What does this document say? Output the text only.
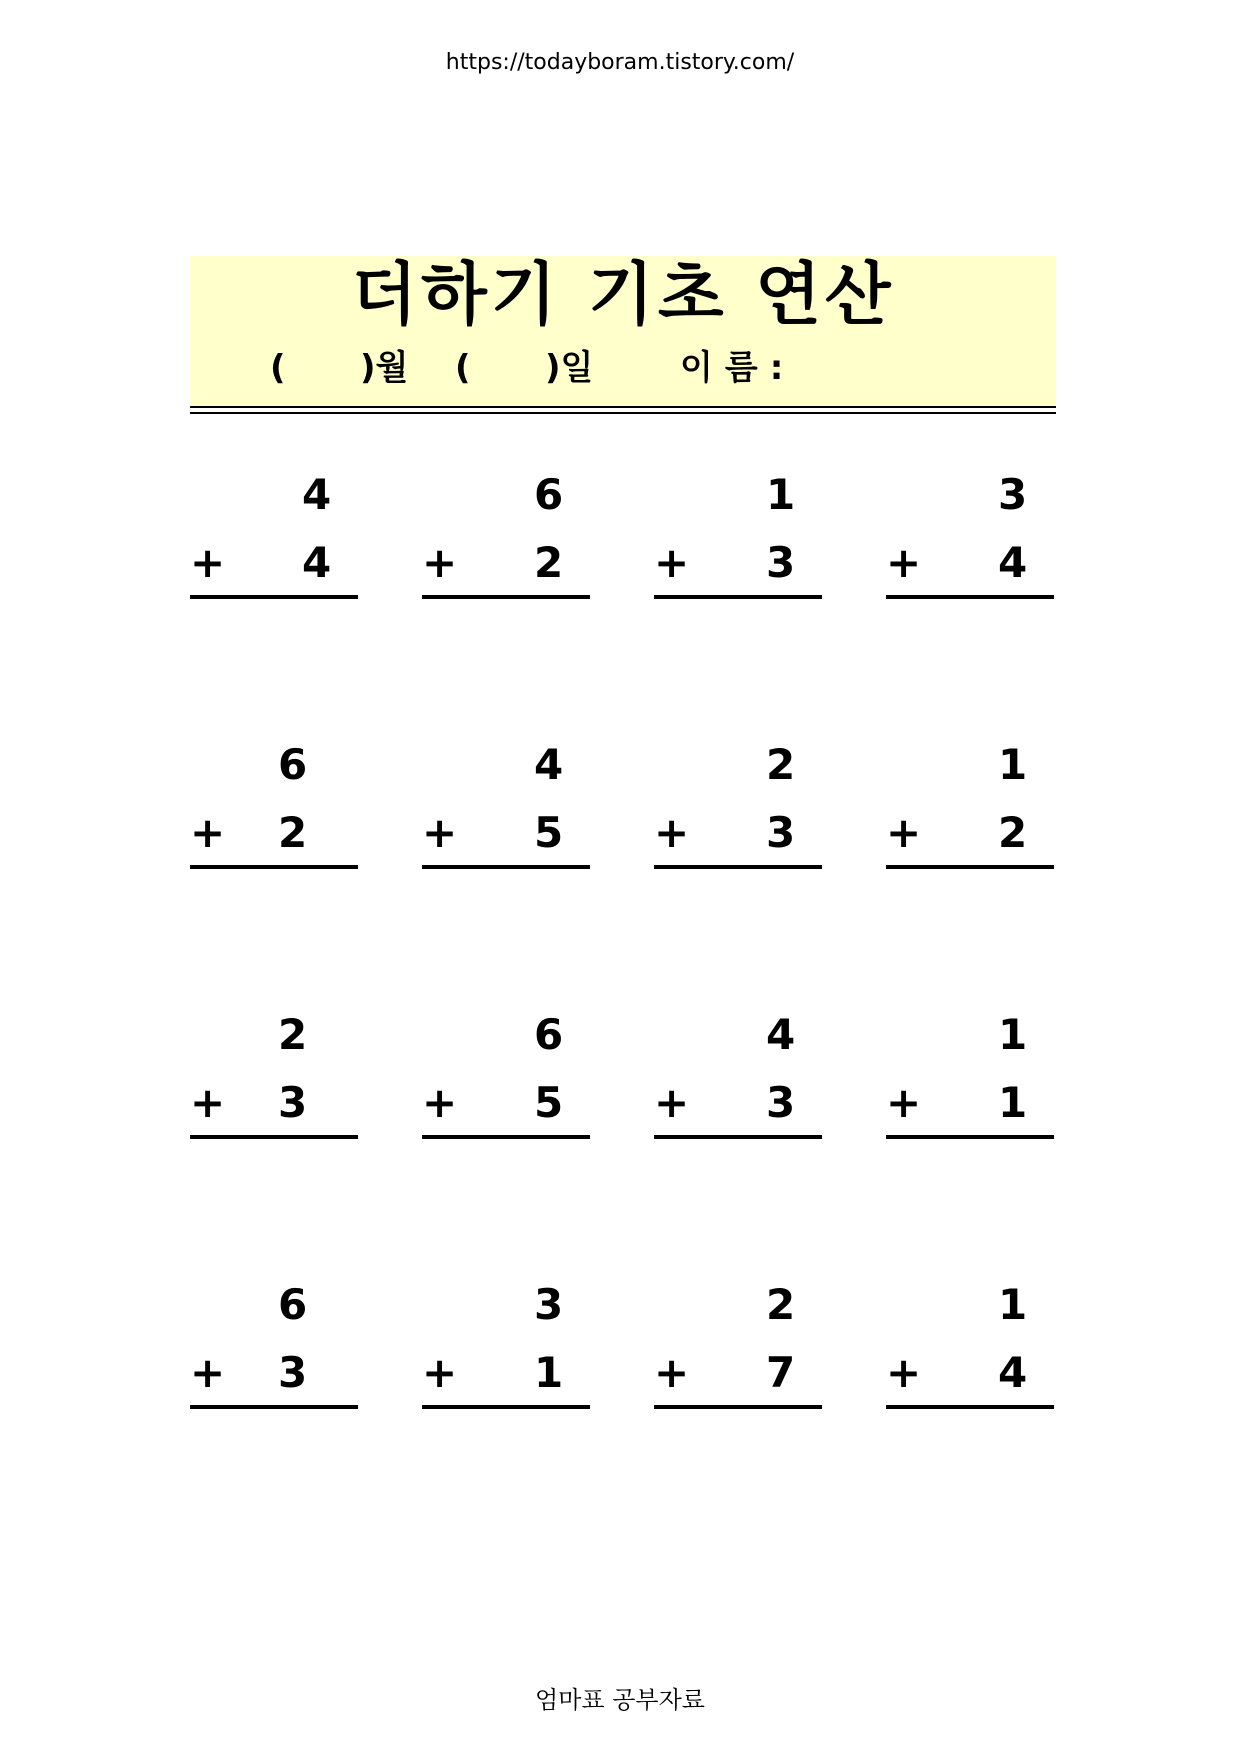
https://todayboram.tistory.com/
더하기 기초 연산
( )월 ( )일	이름:
4
+ 4
6
+ 2
1
+ 3
3
+ 4
6
+ 2
4
+ 5
2
+ 3
1
+ 2
2
+ 3
6
+ 5
4
+ 3
1
+ 1
6
+ 3
3
+ 1
2
+ 7
1
+ 4
엄마표 공부자료
